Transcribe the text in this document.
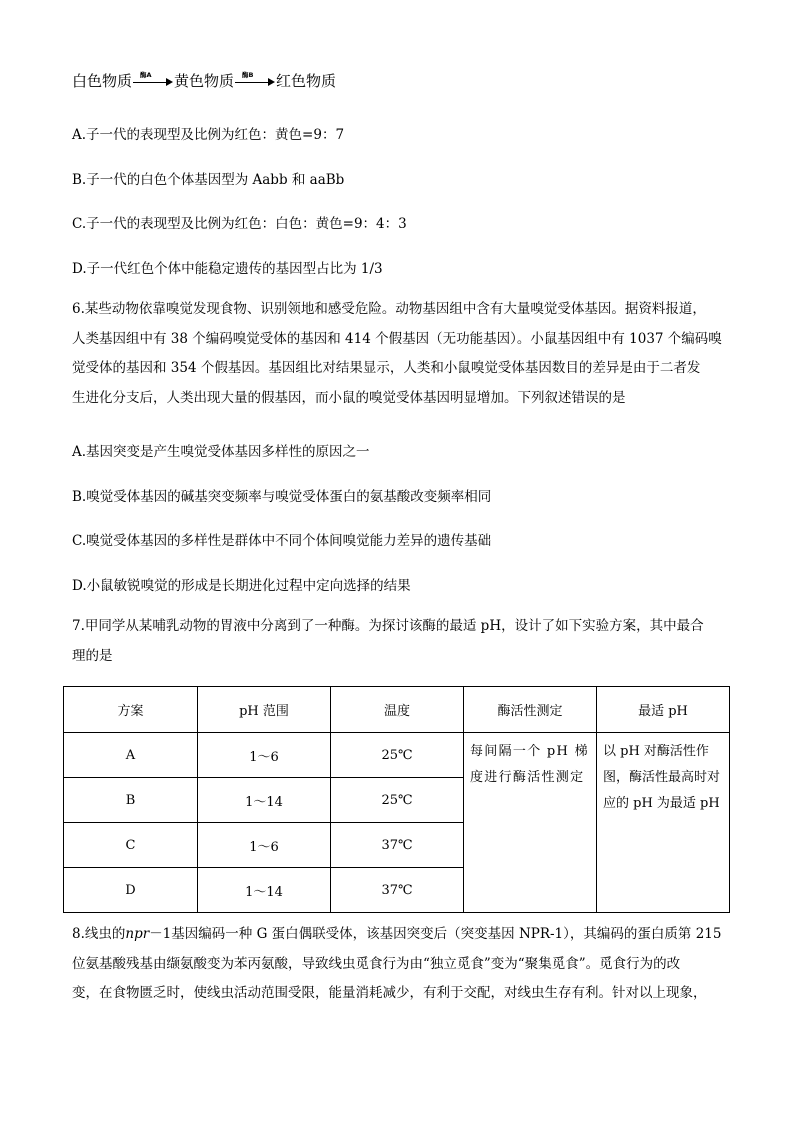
白色物质 酶A 黄色物质 酶B 红色物质
A.子一代的表现型及比例为红色：黄色=9：7
B.子一代的白色个体基因型为 Aabb 和 aaBb
C.子一代的表现型及比例为红色：白色：黄色=9：4：3
D.子一代红色个体中能稳定遗传的基因型占比为 1/3
6.某些动物依靠嗅觉发现食物、识别领地和感受危险。动物基因组中含有大量嗅觉受体基因。据资料报道，
人类基因组中有 38 个编码嗅觉受体的基因和 414 个假基因（无功能基因）。小鼠基因组中有 1037 个编码嗅
觉受体的基因和 354 个假基因。基因组比对结果显示，人类和小鼠嗅觉受体基因数目的差异是由于二者发
生进化分支后，人类出现大量的假基因，而小鼠的嗅觉受体基因明显增加。下列叙述错误的是
A.基因突变是产生嗅觉受体基因多样性的原因之一
B.嗅觉受体基因的碱基突变频率与嗅觉受体蛋白的氨基酸改变频率相同
C.嗅觉受体基因的多样性是群体中不同个体间嗅觉能力差异的遗传基础
D.小鼠敏锐嗅觉的形成是长期进化过程中定向选择的结果
7.甲同学从某哺乳动物的胃液中分离到了一种酶。为探讨该酶的最适 pH，设计了如下实验方案，其中最合
理的是
方案	pH 范围	温度	酶活性测定	最适 pH
A	1～6	25℃	每间隔一个 pH 梯度进行酶活性测定	以 pH 对酶活性作图，酶活性最高时对应的 pH 为最适 pH
B	1～14	25℃		
C	1～6	37℃		
D	1～14	37℃		
8.线虫的npr－1基因编码一种 G 蛋白偶联受体，该基因突变后（突变基因 NPR-1），其编码的蛋白质第 215
位氨基酸残基由缬氨酸变为苯丙氨酸，导致线虫觅食行为由“独立觅食”变为“聚集觅食”。觅食行为的改
变，在食物匮乏时，使线虫活动范围受限，能量消耗减少，有利于交配，对线虫生存有利。针对以上现象，
